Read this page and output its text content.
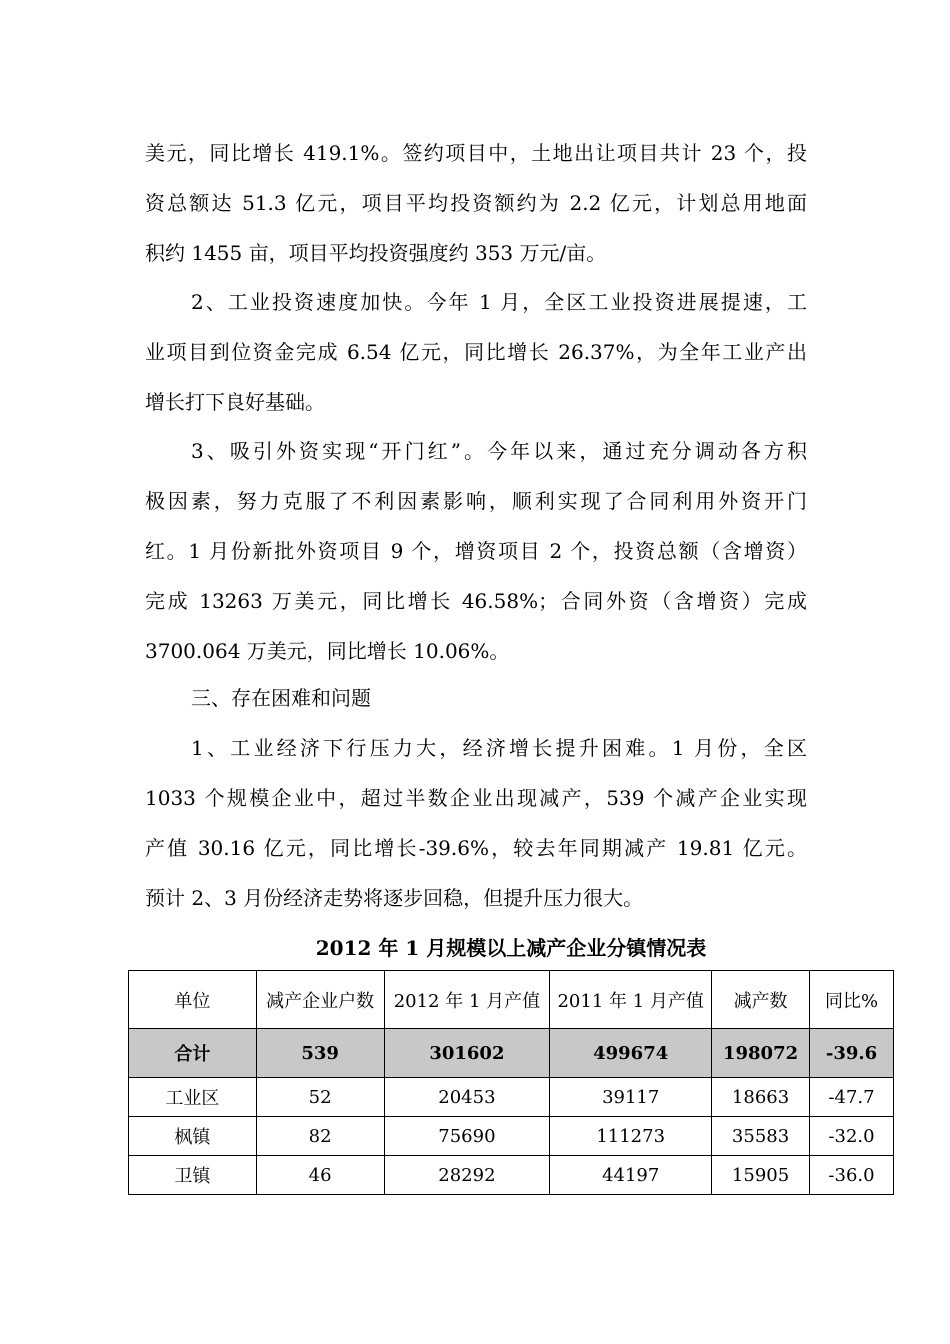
美元，同比增长 419.1%。签约项目中，土地出让项目共计 23 个，投
资总额达 51.3 亿元，项目平均投资额约为 2.2 亿元，计划总用地面
积约 1455 亩，项目平均投资强度约 353 万元/亩。
2、工业投资速度加快。今年 1 月，全区工业投资进展提速，工
业项目到位资金完成 6.54 亿元，同比增长 26.37%，为全年工业产出
增长打下良好基础。
3、吸引外资实现“开门红”。今年以来，通过充分调动各方积
极因素，努力克服了不利因素影响，顺利实现了合同利用外资开门
红。1 月份新批外资项目 9 个，增资项目 2 个，投资总额（含增资）
完成 13263 万美元，同比增长 46.58%；合同外资（含增资）完成
3700.064 万美元，同比增长 10.06%。
三、存在困难和问题
1、工业经济下行压力大，经济增长提升困难。1 月份，全区
1033 个规模企业中，超过半数企业出现减产，539 个减产企业实现
产值 30.16 亿元，同比增长-39.6%，较去年同期减产 19.81 亿元。
预计 2、3 月份经济走势将逐步回稳，但提升压力很大。
2012 年 1 月规模以上减产企业分镇情况表
单位	减产企业户数	2012 年 1 月产值	2011 年 1 月产值	减产数	同比%
合计	539	301602	499674	198072	-39.6
工业区	52	20453	39117	18663	-47.7
枫镇	82	75690	111273	35583	-32.0
卫镇	46	28292	44197	15905	-36.0
